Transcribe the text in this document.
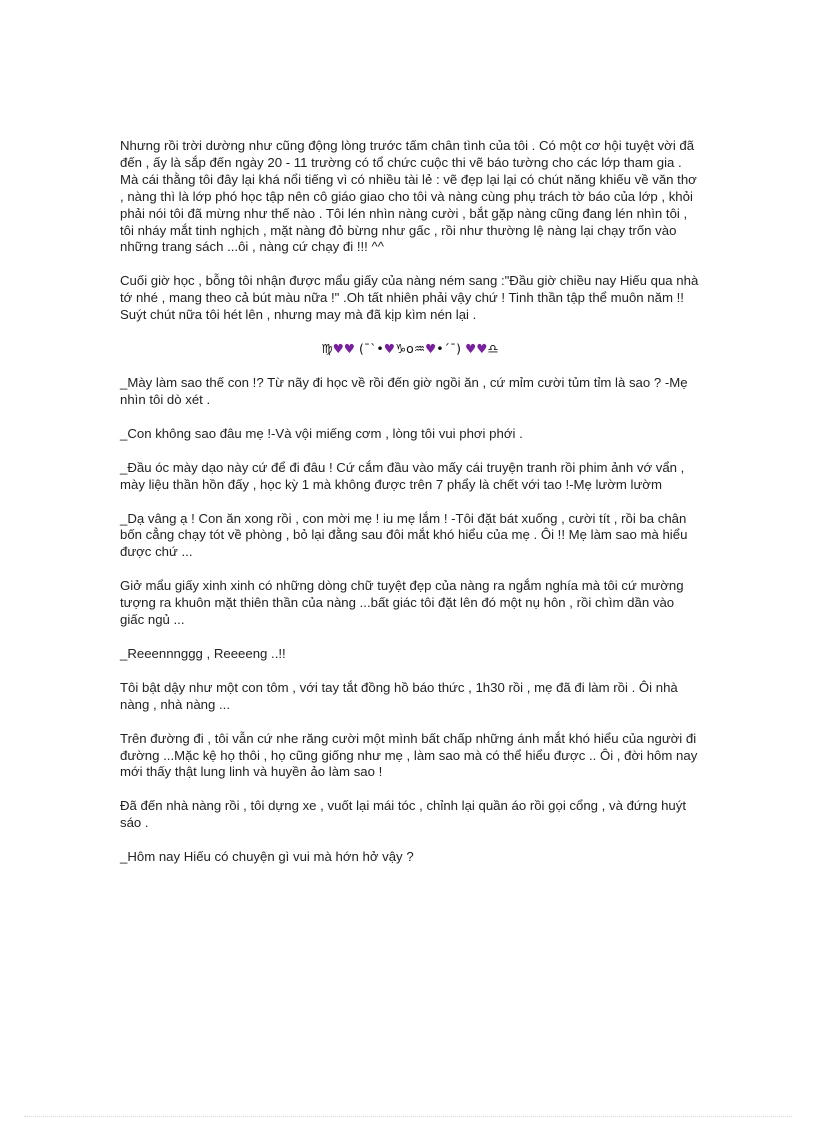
Nhưng rồi trời dường như cũng động lòng trước tấm chân tình của tôi . Có một cơ hội tuyệt vời đã đến , ấy là sắp đến ngày 20 - 11 trường có tổ chức cuộc thi vẽ báo tường cho các lớp tham gia . Mà cái thằng tôi đây lại khá nổi tiếng vì có nhiều tài lẻ : vẽ đẹp lại lại có chút năng khiếu về văn thơ , nàng thì là lớp phó học tập nên cô giáo giao cho tôi và nàng cùng phụ trách tờ báo của lớp , khỏi phải nói tôi đã mừng như thế nào . Tôi lén nhìn nàng cười , bắt gặp nàng cũng đang lén nhìn tôi , tôi nháy mắt tinh nghịch , mặt nàng đỏ bừng như gấc , rồi như thường lệ nàng lại chạy trốn vào những trang sách ...ôi , nàng cứ chạy đi !!! ^^

Cuối giờ học , bỗng tôi nhận được mẩu giấy của nàng ném sang :"Đầu giờ chiều nay Hiếu qua nhà tớ nhé , mang theo cả bút màu nữa !" .Oh tất nhiên phải vậy chứ ! Tinh thần tập thể muôn năm !! Suýt chút nữa tôi hét lên , nhưng may mà đã kịp kìm nén lại .

♍♥♥ (¯`•♥♑o♒♥•´¯) ♥♥♎

_Mày làm sao thế con !? Từ nãy đi học về rồi đến giờ ngồi ăn , cứ mỉm cười tủm tỉm là sao ? -Mẹ nhìn tôi dò xét .

_Con không sao đâu mẹ !-Và vội miếng cơm , lòng tôi vui phơi phới .

_Đầu óc mày dạo này cứ để đi đâu ! Cứ cắm đầu vào mấy cái truyện tranh rồi phim ảnh vớ vẩn , mày liệu thần hồn đấy , học kỳ 1 mà không được trên 7 phẩy là chết với tao !-Mẹ lườm lườm

_Dạ vâng ạ ! Con ăn xong rồi , con mời mẹ ! iu mẹ lắm ! -Tôi đặt bát xuống , cười tít , rồi ba chân bốn cẳng chạy tót về phòng , bỏ lại đằng sau đôi mắt khó hiểu của mẹ . Ôi !! Mẹ làm sao mà hiểu được chứ ...

Giở mẩu giấy xinh xinh có những dòng chữ tuyệt đẹp của nàng ra ngắm nghía mà tôi cứ mường tượng ra khuôn mặt thiên thần của nàng ...bất giác tôi đặt lên đó một nụ hôn , rồi chìm dần vào giấc ngủ ...

_Reeennnggg , Reeeeng ..!!

Tôi bật dậy như một con tôm , với tay tắt đồng hồ báo thức , 1h30 rồi , mẹ đã đi làm rồi . Ôi nhà nàng , nhà nàng ...

Trên đường đi , tôi vẫn cứ nhe răng cười một mình bất chấp những ánh mắt khó hiểu của người đi đường ...Mặc kệ họ thôi , họ cũng giống như mẹ , làm sao mà có thể hiểu được .. Ôi , đời hôm nay mới thấy thật lung linh và huyền ảo làm sao !

Đã đến nhà nàng rồi , tôi dựng xe , vuốt lại mái tóc , chỉnh lại quần áo rồi gọi cổng , và đứng huýt sáo .

_Hôm nay Hiếu có chuyện gì vui mà hớn hở vậy ?
